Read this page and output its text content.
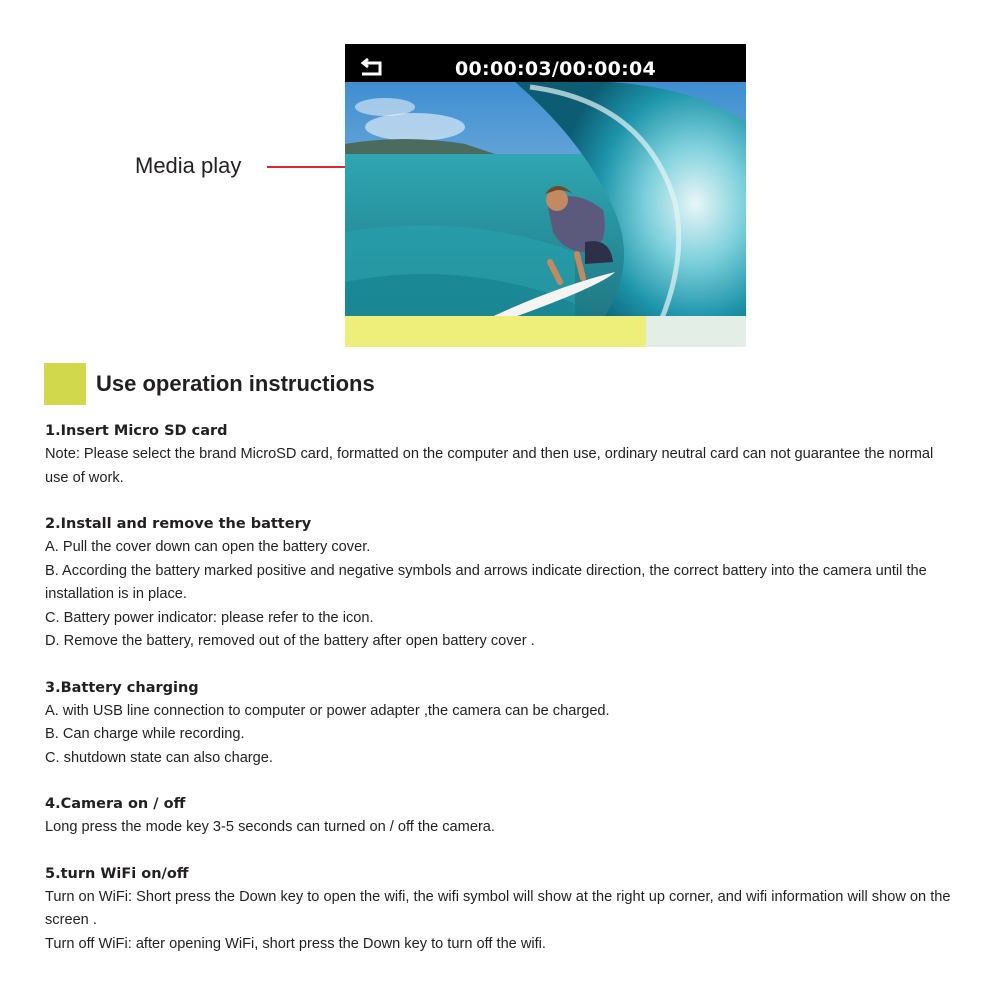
Media play
00:00:03/00:00:04
Use operation instructions
1.Insert Micro SD card

Note: Please select the brand MicroSD card, formatted on the computer and then use, ordinary neutral card can not guarantee the normal use of work.

2.Install and remove the battery

A. Pull the cover down can open the battery cover.

B. According the battery marked positive and negative symbols and arrows indicate direction, the correct battery into the camera until the installation is in place.

C. Battery power indicator: please refer to the icon.

D. Remove the battery, removed out of the battery after open battery cover .

3.Battery charging

A. with USB line connection to computer or power adapter ,the camera can be charged.

B. Can charge while recording.

C. shutdown state can also charge.

4.Camera on / off

Long press the mode key 3-5 seconds can turned on / off the camera.

5.turn WiFi on/off

Turn on WiFi: Short press the Down key to open the wifi, the wifi symbol will show at the right up corner, and wifi information will show on the screen .

Turn off WiFi: after opening WiFi, short press the Down key to turn off the wifi.
